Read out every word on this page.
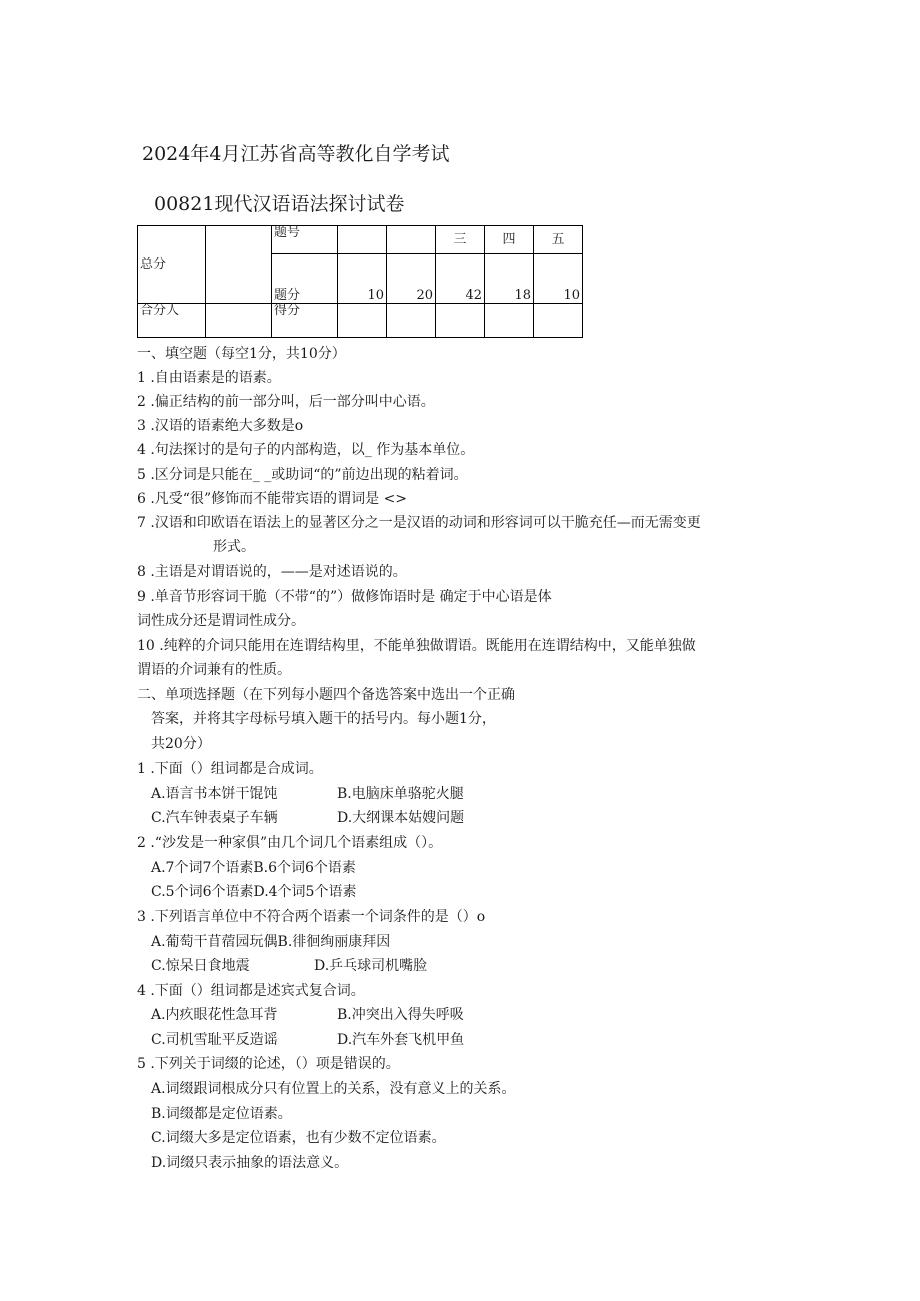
2024年4月江苏省高等教化自学考试
00821现代汉语语法探讨试卷
总分		题号			三	四	五
		题分	10	20	42	18	10
合分人		得分					
一、填空题（每空1分，共10分）
1 .自由语素是的语素。
2 .偏正结构的前一部分叫，后一部分叫中心语。
3 .汉语的语素绝大多数是o
4 .句法探讨的是句子的内部构造，以_ 作为基本单位。
5 .区分词是只能在_ _或助词“的”前边出现的粘着词。
6 .凡受“很”修饰而不能带宾语的谓词是 <>
7 .汉语和印欧语在语法上的显著区分之一是汉语的动词和形容词可以干脆充任—而无需变更
形式。
8 .主语是对谓语说的，——是对述语说的。
9 .单音节形容词干脆（不带“的”）做修饰语时是 确定于中心语是体
词性成分还是谓词性成分。
10 .纯粹的介词只能用在连谓结构里，不能单独做谓语。既能用在连谓结构中，又能单独做
谓语的介词兼有的性质。
二、单项选择题（在下列每小题四个备选答案中选出一个正确
答案，并将其字母标号填入题干的括号内。每小题1分，
共20分）
1 .下面（）组词都是合成词。
A.语言书本饼干馄饨	B.电脑床单骆驼火腿
C.汽车钟表桌子车辆	D.大纲课本姑嫂问题
2 .“沙发是一种家俱”由几个词几个语素组成（）。
A.7个词7个语素B.6个词6个语素
C.5个词6个语素D.4个词5个语素
3 .下列语言单位中不符合两个语素一个词条件的是（）o
A.葡萄干苜蓿园玩偶B.徘徊绚丽康拜因
C.惊呆日食地震	D.乒乓球司机嘴脸
4 .下面（）组词都是述宾式复合词。
A.内疚眼花性急耳背	B.冲突出入得失呼吸
C.司机雪耻平反造谣	D.汽车外套飞机甲鱼
5 .下列关于词缀的论述，（）项是错误的。
A.词缀跟词根成分只有位置上的关系，没有意义上的关系。
B.词缀都是定位语素。
C.词缀大多是定位语素，也有少数不定位语素。
D.词缀只表示抽象的语法意义。
